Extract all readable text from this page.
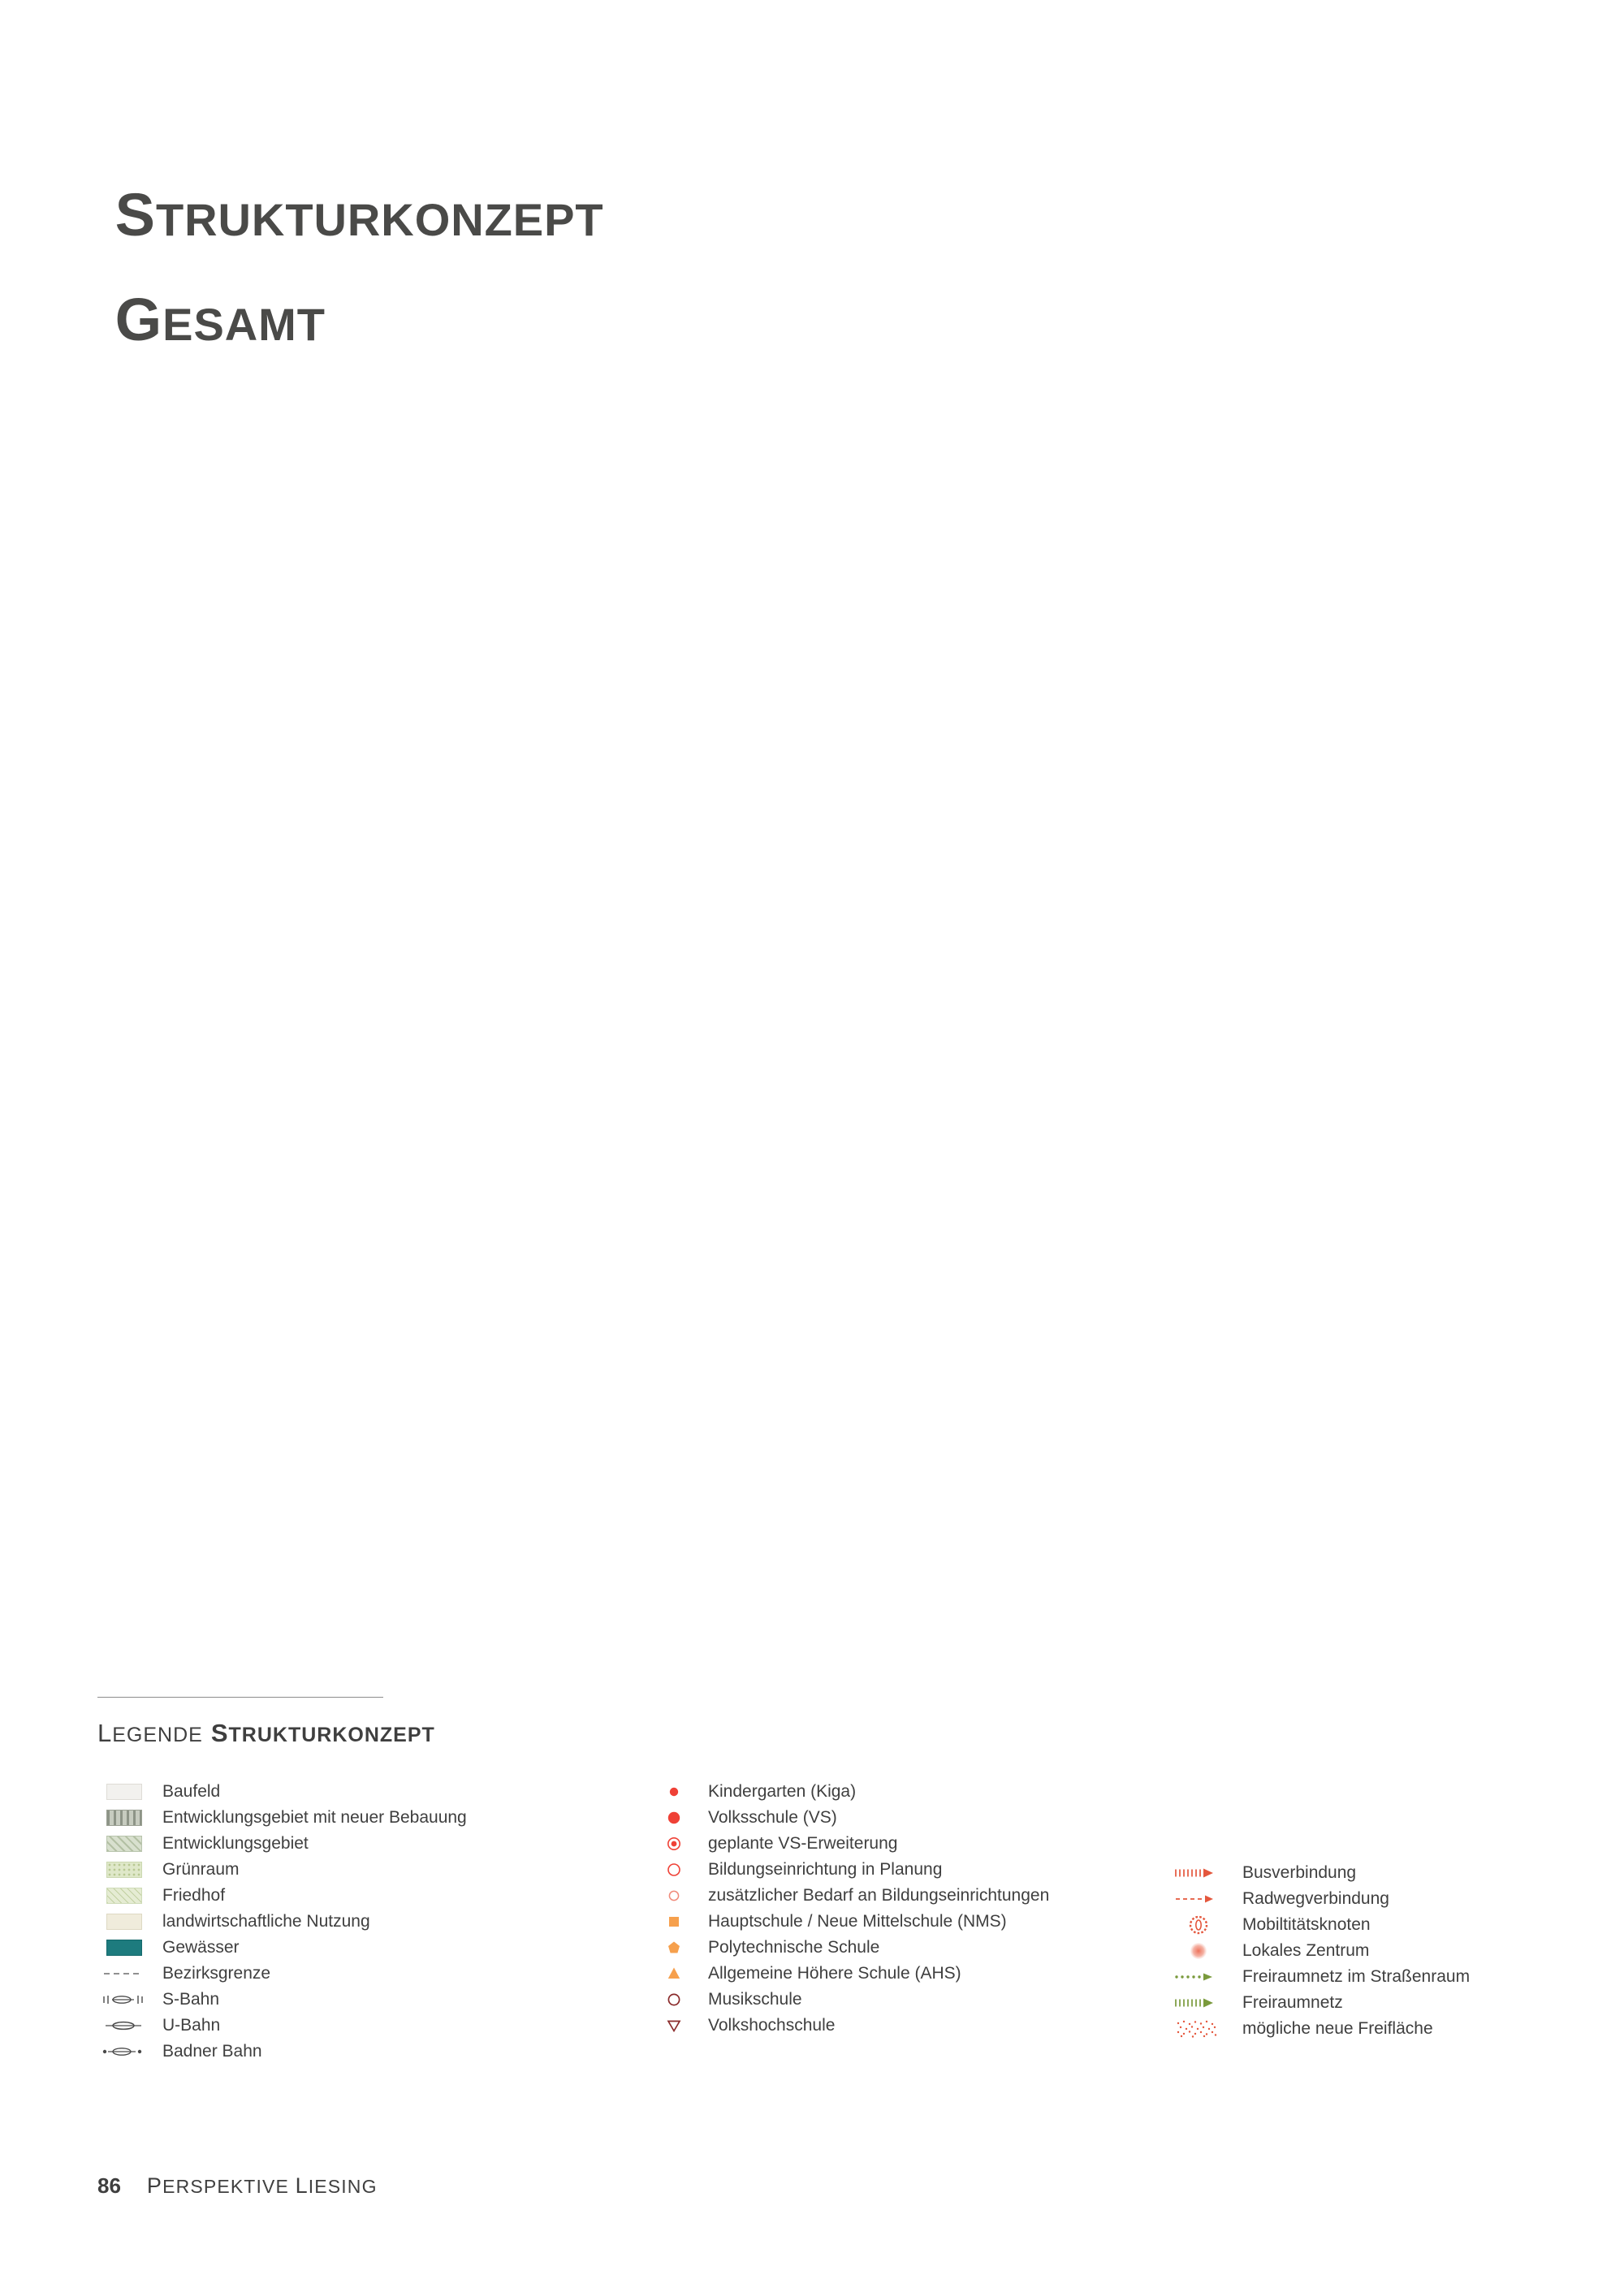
STRUKTURKONZEPT

GESAMT

LEGENDE STRUKTURKONZEPT
Baufeld
Entwicklungsgebiet mit neuer Bebauung
Entwicklungsgebiet
Grünraum
Friedhof
landwirtschaftliche Nutzung
Gewässer
Bezirksgrenze
S-Bahn
U-Bahn
Badner Bahn
Kindergarten (Kiga)
Volksschule (VS)
geplante VS-Erweiterung
Bildungseinrichtung in Planung
zusätzlicher Bedarf an Bildungseinrichtungen
Hauptschule / Neue Mittelschule (NMS)
Polytechnische Schule
Allgemeine Höhere Schule (AHS)
Musikschule
Volkshochschule
Busverbindung
Radwegverbindung
Mobiltitätsknoten
Lokales Zentrum
Freiraumnetz im Straßenraum
Freiraumnetz
mögliche neue Freifläche
86 PERSPEKTIVE LIESING
